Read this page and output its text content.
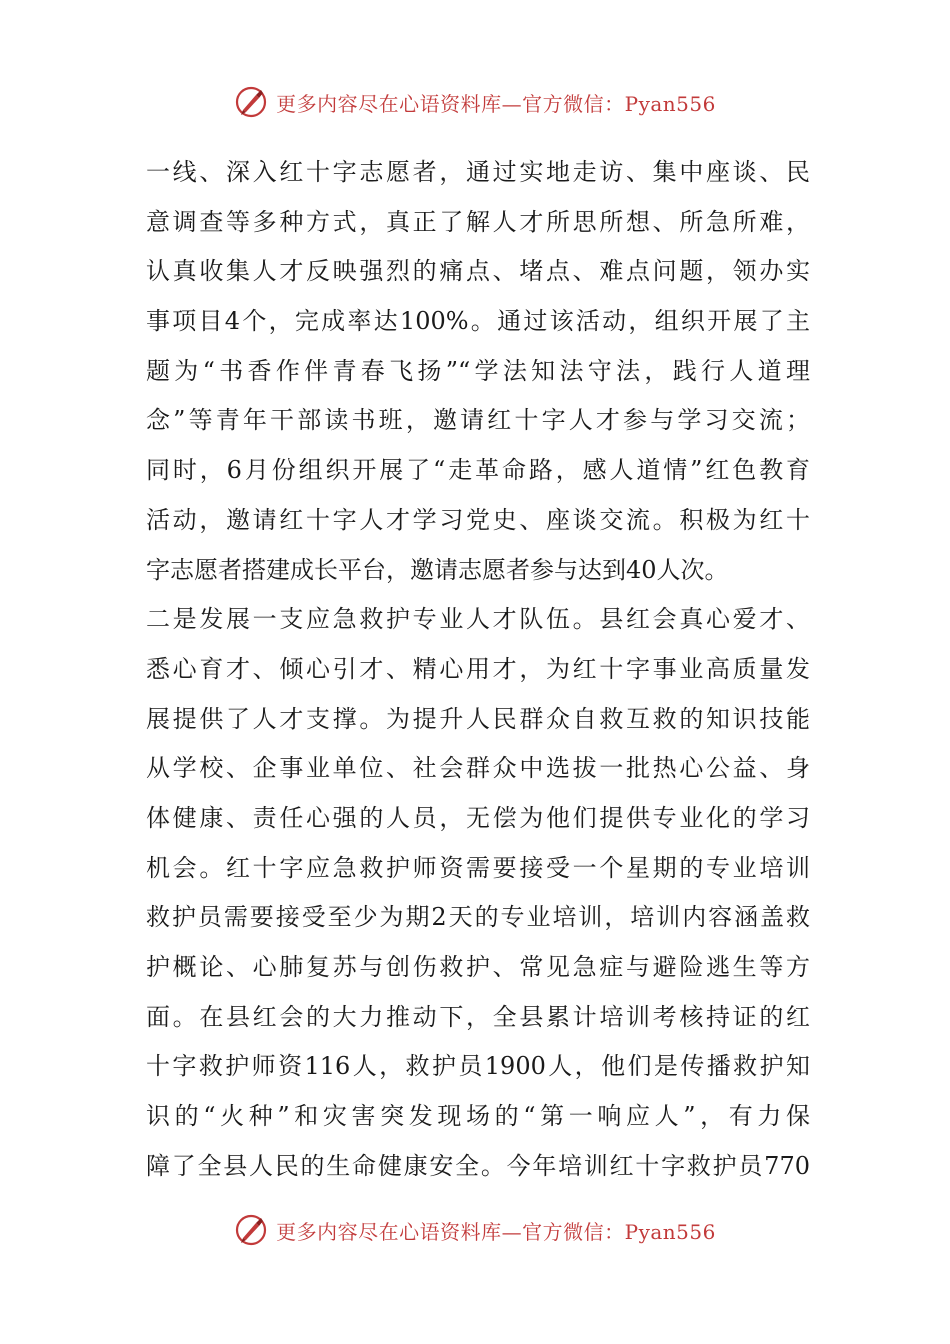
更多内容尽在心语资料库—官方微信：Pyan556
一线、深入红十字志愿者，通过实地走访、集中座谈、民
意调查等多种方式，真正了解人才所思所想、所急所难，
认真收集人才反映强烈的痛点、堵点、难点问题，领办实
事项目4个，完成率达100%。通过该活动，组织开展了主
题为“书香作伴青春飞扬”“学法知法守法，践行人道理
念”等青年干部读书班，邀请红十字人才参与学习交流；
同时，6月份组织开展了“走革命路，感人道情”红色教育
活动，邀请红十字人才学习党史、座谈交流。积极为红十
字志愿者搭建成长平台，邀请志愿者参与达到40人次。
二是发展一支应急救护专业人才队伍。县红会真心爱才、
悉心育才、倾心引才、精心用才，为红十字事业高质量发
展提供了人才支撑。为提升人民群众自救互救的知识技能
从学校、企事业单位、社会群众中选拔一批热心公益、身
体健康、责任心强的人员，无偿为他们提供专业化的学习
机会。红十字应急救护师资需要接受一个星期的专业培训
救护员需要接受至少为期2天的专业培训，培训内容涵盖救
护概论、心肺复苏与创伤救护、常见急症与避险逃生等方
面。在县红会的大力推动下，全县累计培训考核持证的红
十字救护师资116人，救护员1900人，他们是传播救护知
识的“火种”和灾害突发现场的“第一响应人”，有力保
障了全县人民的生命健康安全。今年培训红十字救护员770
更多内容尽在心语资料库—官方微信：Pyan556
